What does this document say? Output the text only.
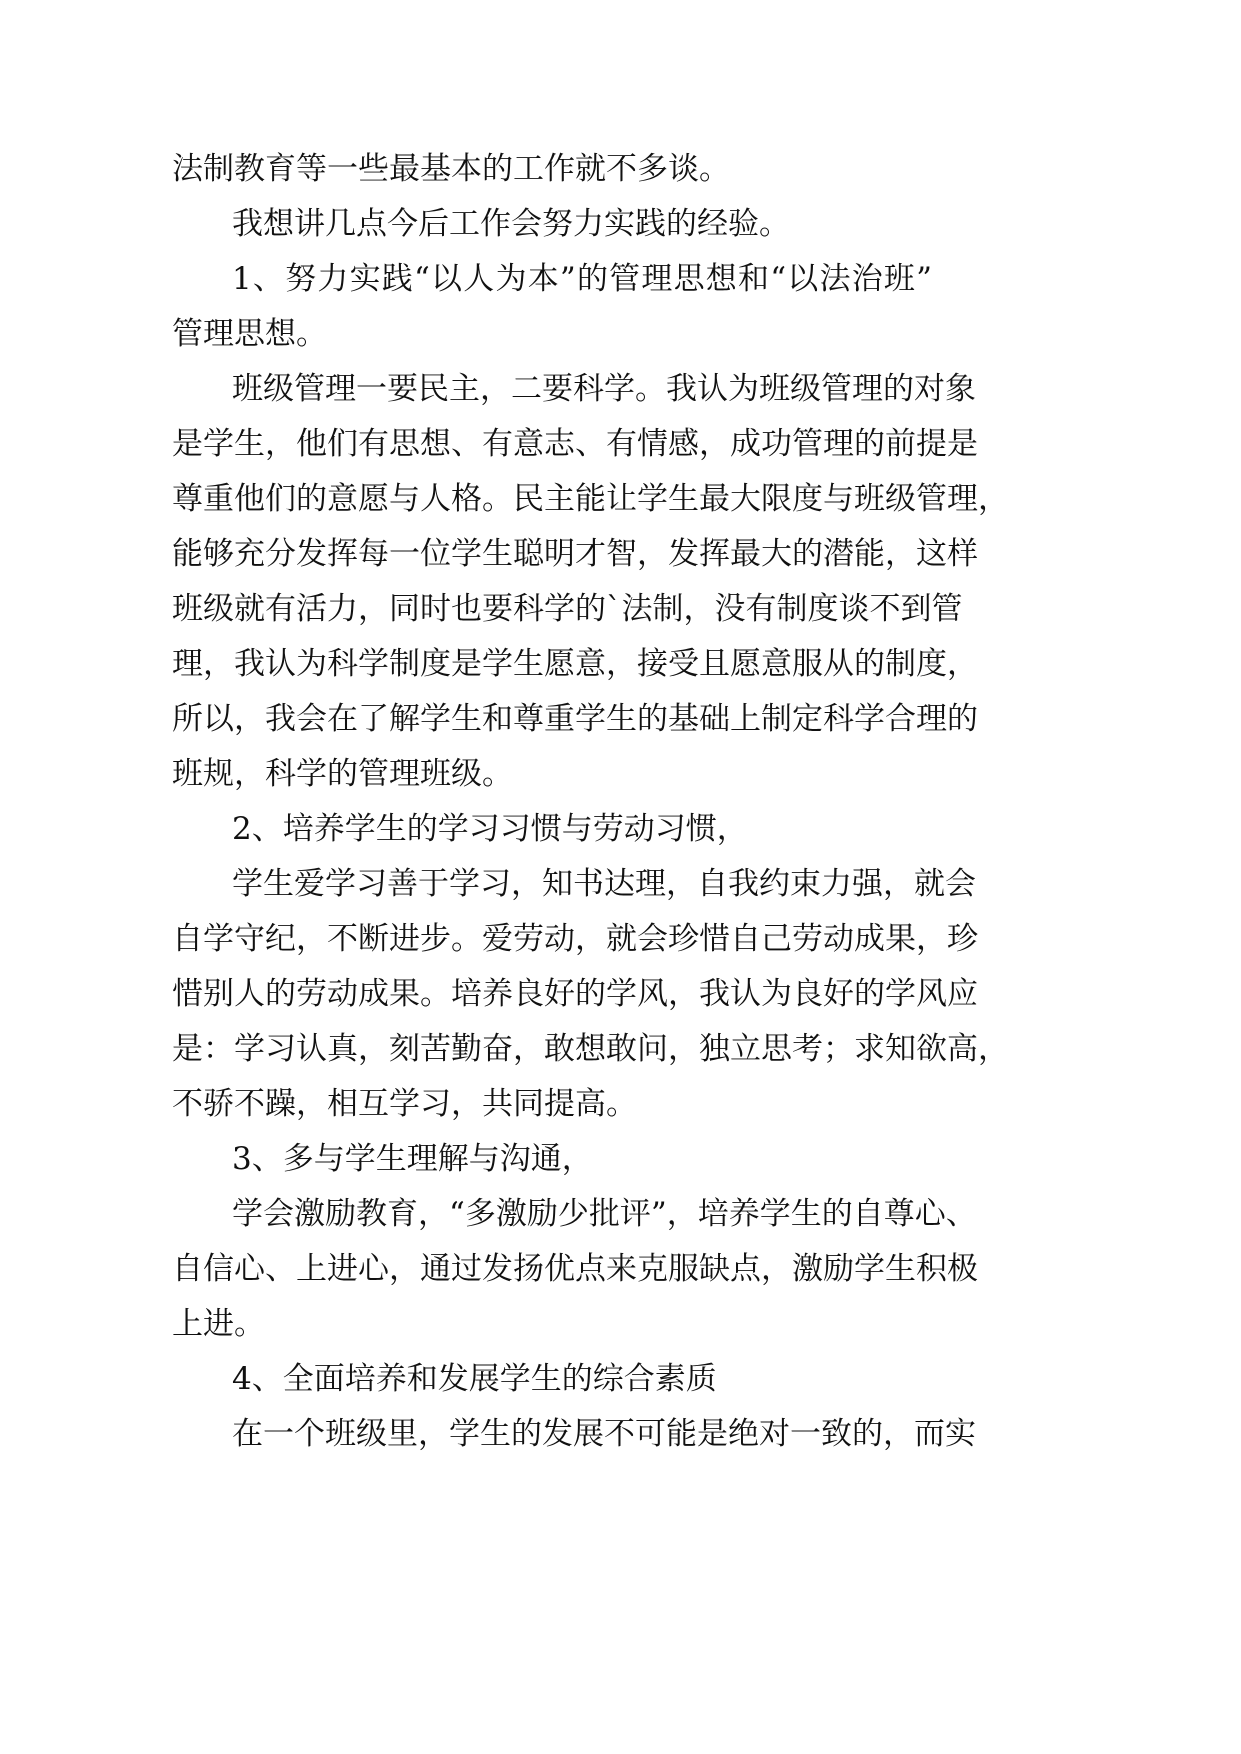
法制教育等一些最基本的工作就不多谈。
我想讲几点今后工作会努力实践的经验。
1、努力实践“以人为本”的管理思想和“以法治班”
管理思想。
班级管理一要民主，二要科学。我认为班级管理的对象
是学生，他们有思想、有意志、有情感，成功管理的前提是
尊重他们的意愿与人格。民主能让学生最大限度与班级管理，
能够充分发挥每一位学生聪明才智，发挥最大的潜能，这样
班级就有活力，同时也要科学的`法制，没有制度谈不到管
理，我认为科学制度是学生愿意，接受且愿意服从的制度，
所以，我会在了解学生和尊重学生的基础上制定科学合理的
班规，科学的管理班级。
2、培养学生的学习习惯与劳动习惯，
学生爱学习善于学习，知书达理，自我约束力强，就会
自学守纪，不断进步。爱劳动，就会珍惜自己劳动成果，珍
惜别人的劳动成果。培养良好的学风，我认为良好的学风应
是：学习认真，刻苦勤奋，敢想敢问，独立思考；求知欲高，
不骄不躁，相互学习，共同提高。
3、多与学生理解与沟通，
学会激励教育，“多激励少批评”，培养学生的自尊心、
自信心、上进心，通过发扬优点来克服缺点，激励学生积极
上进。
4、全面培养和发展学生的综合素质
在一个班级里，学生的发展不可能是绝对一致的，而实
